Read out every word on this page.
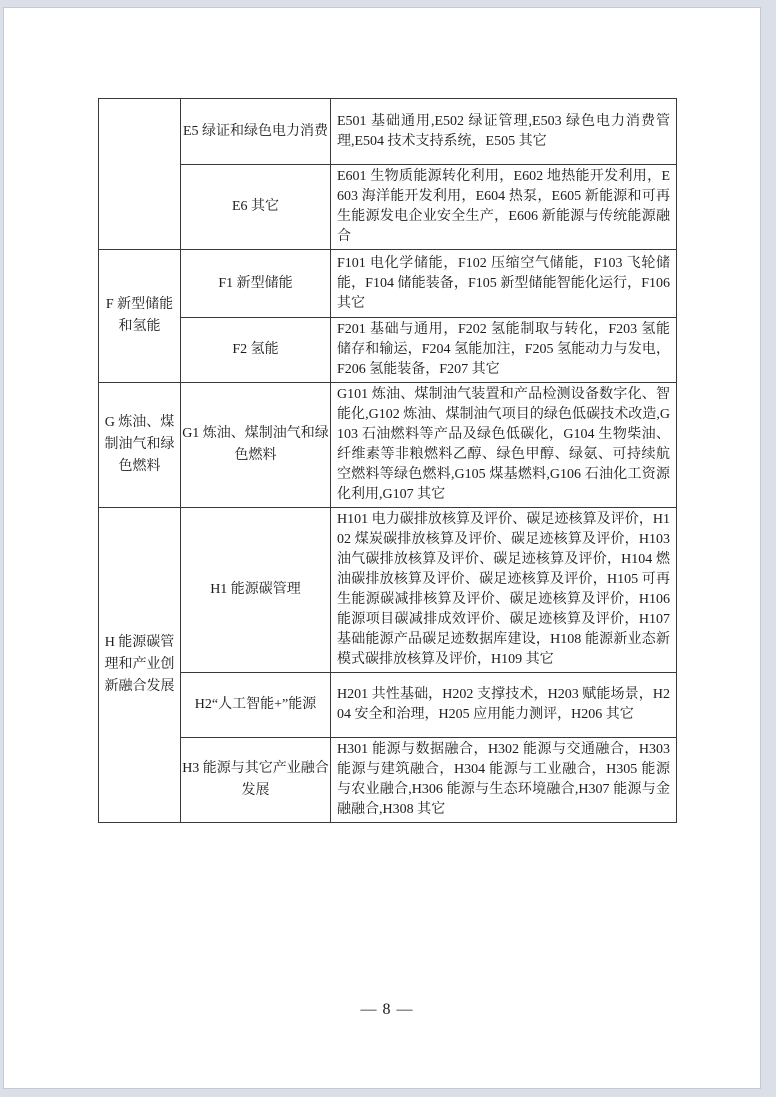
	E5 绿证和绿色电力消费	E501 基础通用,E502 绿证管理,E503 绿色电力消费管理,E504 技术支持系统，E505 其它
	E6 其它	E601 生物质能源转化利用，E602 地热能开发利用，E603 海洋能开发利用，E604 热泵，E605 新能源和可再生能源发电企业安全生产，E606 新能源与传统能源融合
F 新型储能和氢能	F1 新型储能	F101 电化学储能，F102 压缩空气储能，F103 飞轮储能，F104 储能装备，F105 新型储能智能化运行，F106 其它
	F2 氢能	F201 基础与通用，F202 氢能制取与转化，F203 氢能储存和输运，F204 氢能加注，F205 氢能动力与发电，F206 氢能装备，F207 其它
G 炼油、煤制油气和绿色燃料	G1 炼油、煤制油气和绿色燃料	G101 炼油、煤制油气装置和产品检测设备数字化、智能化,G102 炼油、煤制油气项目的绿色低碳技术改造,G103 石油燃料等产品及绿色低碳化，G104 生物柴油、纤维素等非粮燃料乙醇、绿色甲醇、绿氨、可持续航空燃料等绿色燃料,G105 煤基燃料,G106 石油化工资源化利用,G107 其它
H 能源碳管理和产业创新融合发展	H1 能源碳管理	H101 电力碳排放核算及评价、碳足迹核算及评价，H102 煤炭碳排放核算及评价、碳足迹核算及评价，H103 油气碳排放核算及评价、碳足迹核算及评价，H104 燃油碳排放核算及评价、碳足迹核算及评价，H105 可再生能源碳减排核算及评价、碳足迹核算及评价，H106 能源项目碳减排成效评价、碳足迹核算及评价，H107 基础能源产品碳足迹数据库建设，H108 能源新业态新模式碳排放核算及评价，H109 其它
	H2“人工智能+”能源	H201 共性基础，H202 支撑技术，H203 赋能场景，H204 安全和治理，H205 应用能力测评，H206 其它
	H3 能源与其它产业融合发展	H301 能源与数据融合，H302 能源与交通融合，H303 能源与建筑融合，H304 能源与工业融合，H305 能源与农业融合,H306 能源与生态环境融合,H307 能源与金融融合,H308 其它
— 8 —
